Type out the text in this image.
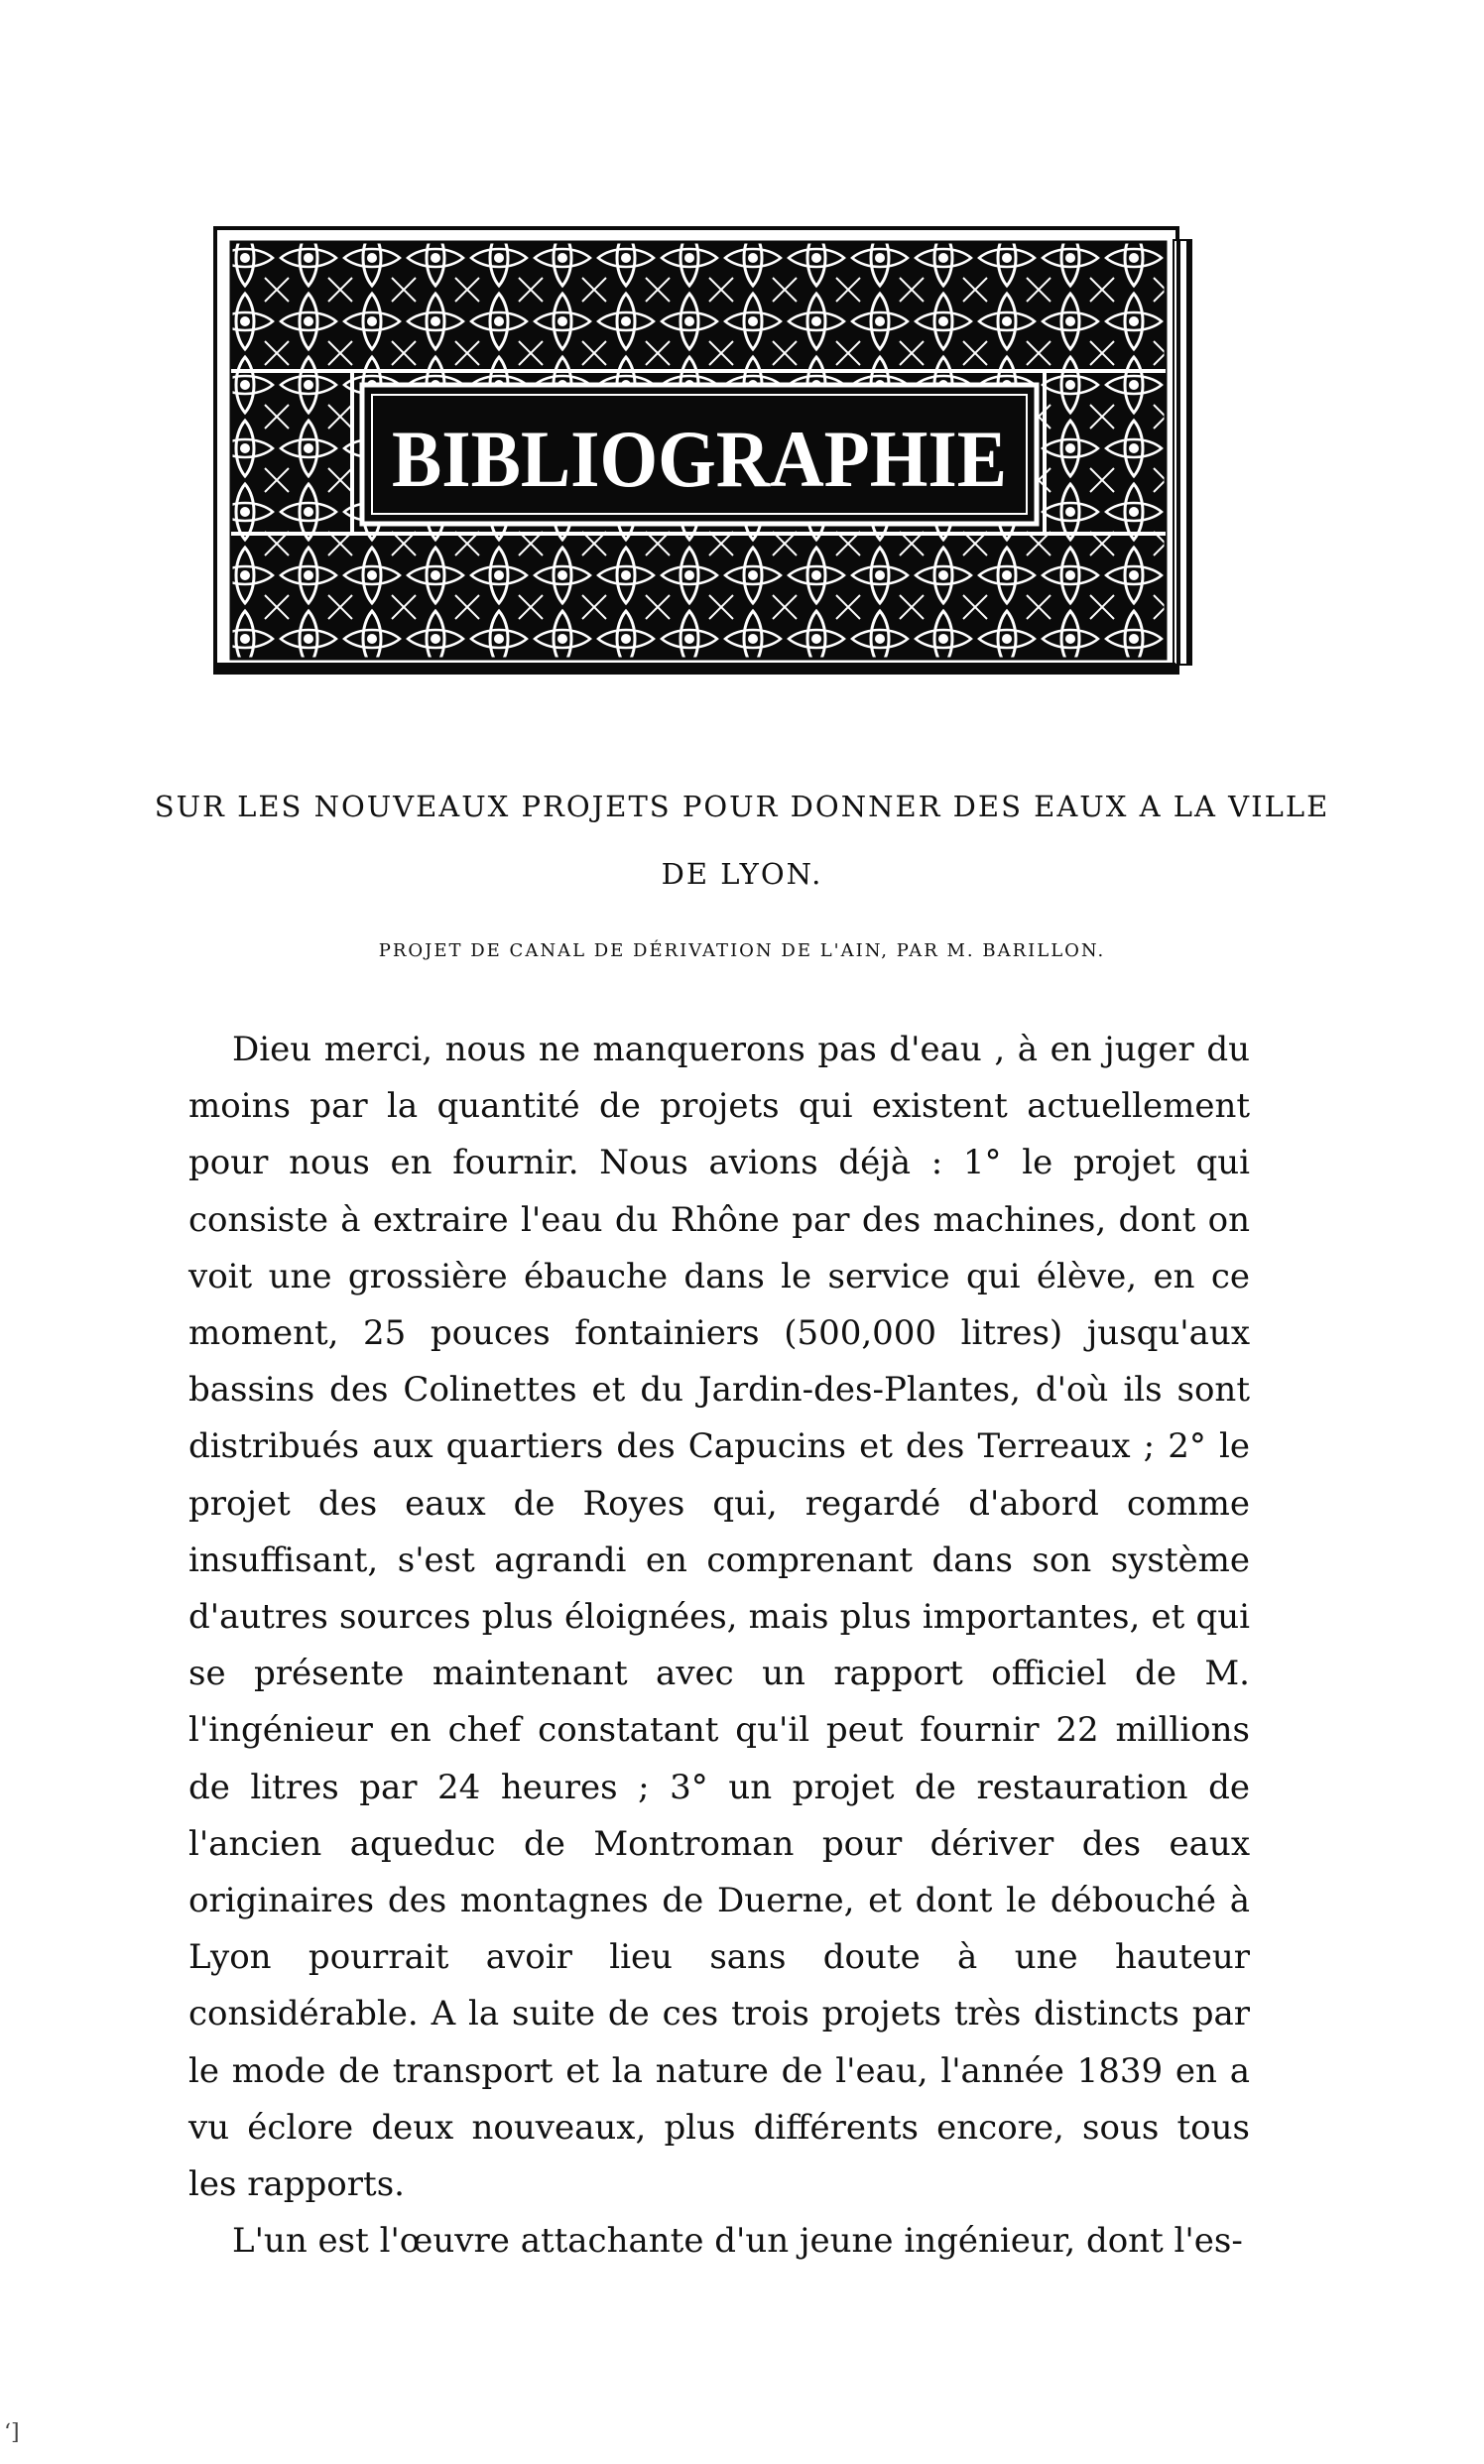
BIBLIOGRAPHIE
SUR LES NOUVEAUX PROJETS POUR DONNER DES EAUX A LA VILLE
DE LYON.
PROJET DE CANAL DE DÉRIVATION DE L'AIN, PAR M. BARILLON.

Dieu merci, nous ne manquerons pas d'eau , à en juger du moins par la quantité de projets qui existent actuellement pour nous en fournir. Nous avions déjà : 1° le projet qui consiste à extraire l'eau du Rhône par des machines, dont on voit une grossière ébauche dans le service qui élève, en ce moment, 25 pouces fontainiers (500,000 litres) jusqu'aux bassins des Colinettes et du Jardin-des-Plantes, d'où ils sont distribués aux quartiers des Capucins et des Terreaux ; 2° le projet des eaux de Royes qui, regardé d'abord comme insuffisant, s'est agrandi en comprenant dans son système d'autres sources plus éloignées, mais plus importantes, et qui se présente maintenant avec un rapport officiel de M. l'ingénieur en chef constatant qu'il peut fournir 22 millions de litres par 24 heures ; 3° un projet de restauration de l'ancien aqueduc de Montroman pour dériver des eaux originaires des montagnes de Duerne, et dont le débouché à Lyon pourrait avoir lieu sans doute à une hauteur considérable. A la suite de ces trois projets très distincts par le mode de transport et la nature de l'eau, l'année 1839 en a vu éclore deux nouveaux, plus différents encore, sous tous les rapports.

L'un est l'œuvre attachante d'un jeune ingénieur, dont l'es-

‘]
